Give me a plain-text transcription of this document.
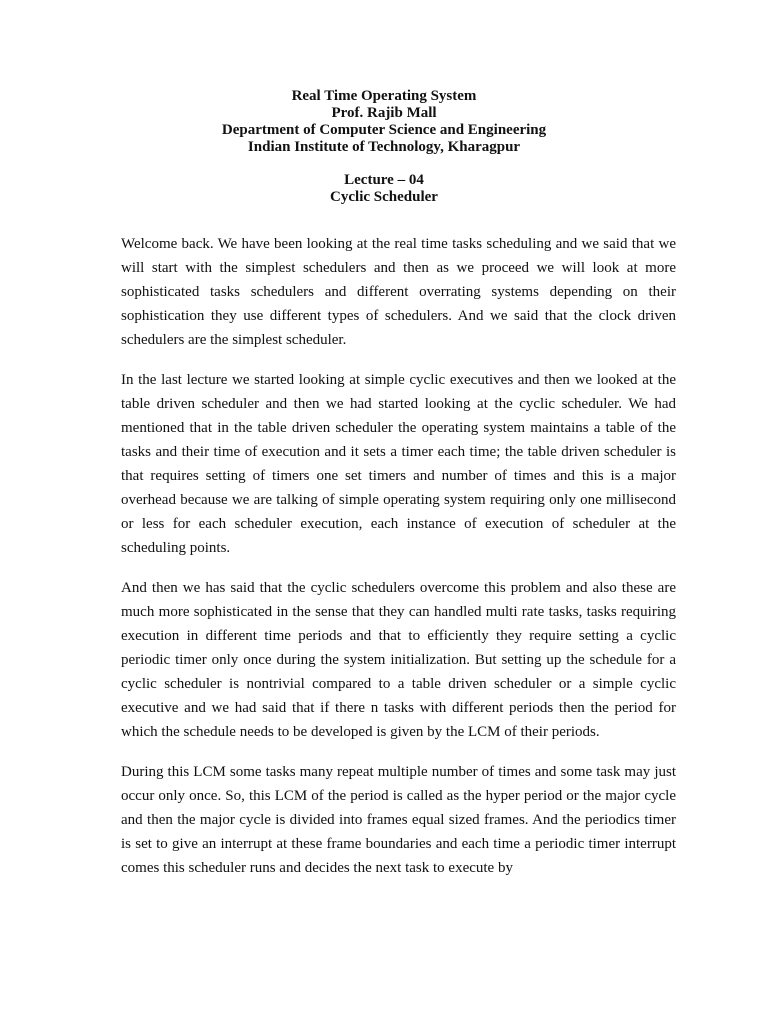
Real Time Operating System
Prof. Rajib Mall
Department of Computer Science and Engineering
Indian Institute of Technology, Kharagpur
Lecture – 04
Cyclic Scheduler

Welcome back. We have been looking at the real time tasks scheduling and we said that we will start with the simplest schedulers and then as we proceed we will look at more sophisticated tasks schedulers and different overrating systems depending on their sophistication they use different types of schedulers. And we said that the clock driven schedulers are the simplest scheduler.

In the last lecture we started looking at simple cyclic executives and then we looked at the table driven scheduler and then we had started looking at the cyclic scheduler. We had mentioned that in the table driven scheduler the operating system maintains a table of the tasks and their time of execution and it sets a timer each time; the table driven scheduler is that requires setting of timers one set timers and number of times and this is a major overhead because we are talking of simple operating system requiring only one millisecond or less for each scheduler execution, each instance of execution of scheduler at the scheduling points.

And then we has said that the cyclic schedulers overcome this problem and also these are much more sophisticated in the sense that they can handled multi rate tasks, tasks requiring execution in different time periods and that to efficiently they require setting a cyclic periodic timer only once during the system initialization. But setting up the schedule for a cyclic scheduler is nontrivial compared to a table driven scheduler or a simple cyclic executive and we had said that if there n tasks with different periods then the period for which the schedule needs to be developed is given by the LCM of their periods.

During this LCM some tasks many repeat multiple number of times and some task may just occur only once. So, this LCM of the period is called as the hyper period or the major cycle and then the major cycle is divided into frames equal sized frames. And the periodics timer is set to give an interrupt at these frame boundaries and each time a periodic timer interrupt comes this scheduler runs and decides the next task to execute by
